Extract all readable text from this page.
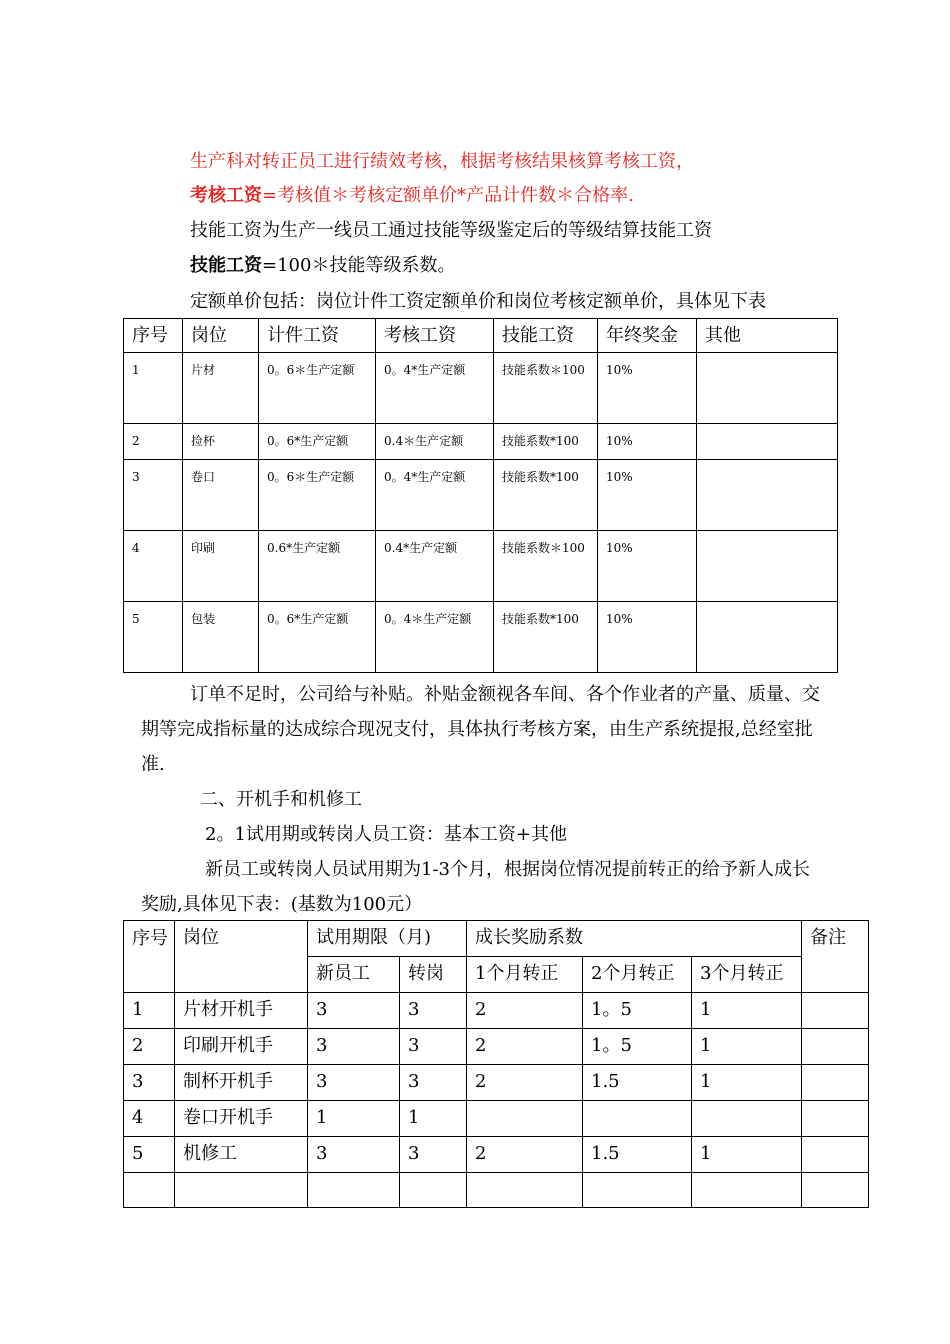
生产科对转正员工进行绩效考核，根据考核结果核算考核工资，
考核工资=考核值＊考核定额单价*产品计件数＊合格率.
技能工资为生产一线员工通过技能等级鉴定后的等级结算技能工资
技能工资=100＊技能等级系数。
定额单价包括：岗位计件工资定额单价和岗位考核定额单价，具体见下表
序号	岗位	计件工资	考核工资	技能工资	年终奖金	其他
1	片材	0。6＊生产定额	0。4*生产定额	技能系数＊100	10%	
2	捡杯	0。6*生产定额	0.4＊生产定额	技能系数*100	10%	
3	卷口	0。6＊生产定额	0。4*生产定额	技能系数*100	10%	
4	印刷	0.6*生产定额	0.4*生产定额	技能系数＊100	10%	
5	包装	0。6*生产定额	0。4＊生产定额	技能系数*100	10%	
订单不足时，公司给与补贴。补贴金额视各车间、各个作业者的产量、质量、交
期等完成指标量的达成综合现况支付，具体执行考核方案，由生产系统提报,总经室批
准.
二、开机手和机修工
2。1试用期或转岗人员工资：基本工资+其他
新员工或转岗人员试用期为1-3个月，根据岗位情况提前转正的给予新人成长
奖励,具体见下表：(基数为100元）
序号	岗位	试用期限（月)		成长奖励系数			备注
		新员工	转岗	1个月转正	2个月转正	3个月转正	
1	片材开机手	3	3	2	1。5	1	
2	印刷开机手	3	3	2	1。5	1	
3	制杯开机手	3	3	2	1.5	1	
4	卷口开机手	1	1				
5	机修工	3	3	2	1.5	1	
